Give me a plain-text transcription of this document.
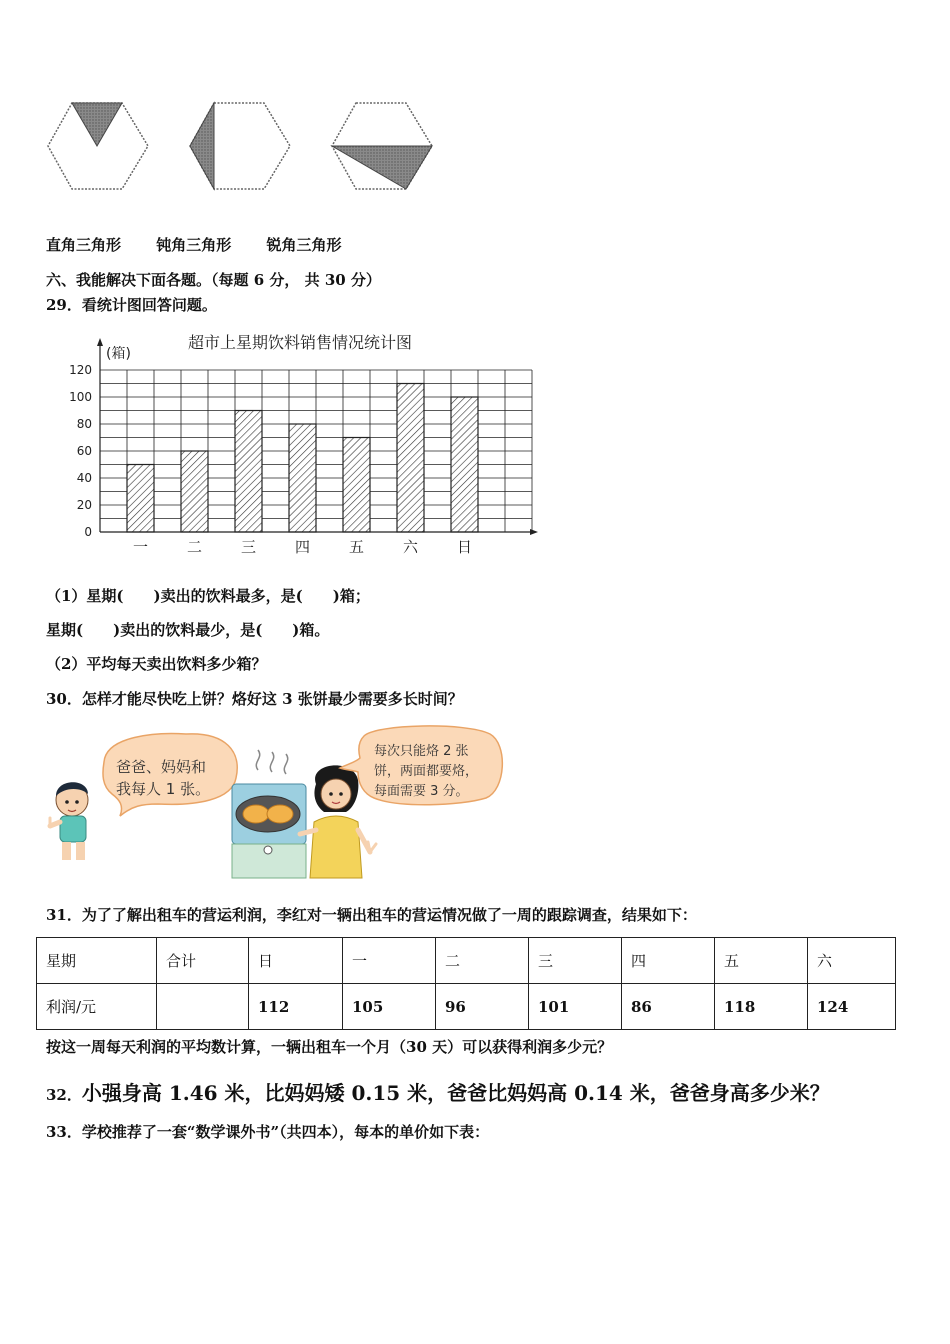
直角三角形 钝角三角形 锐角三角形
六、我能解决下面各题。（每题 6 分， 共 30 分）
29．看统计图回答问题。
超市上星期饮料销售情况统计图
(箱)
0
20
40
60
80
100
120
一	二	三	四	五	六	日
（1）星期(　　)卖出的饮料最多，是(　　)箱；
星期(　　)卖出的饮料最少，是(　　)箱。
（2）平均每天卖出饮料多少箱？
30．怎样才能尽快吃上饼？烙好这 3 张饼最少需要多长时间？
爸爸、妈妈和
我每人 1 张。
每次只能烙 2 张
饼，两面都要烙，
每面需要 3 分。
31．为了了解出租车的营运利润，李红对一辆出租车的营运情况做了一周的跟踪调查，结果如下：
星期	合计	日	一	二	三	四	五	六
利润/元		112	105	96	101	86	118	124
按这一周每天利润的平均数计算，一辆出租车一个月（30 天）可以获得利润多少元？
32．小强身高 1.46 米，比妈妈矮 0.15 米，爸爸比妈妈高 0.14 米，爸爸身高多少米？
33．学校推荐了一套“数学课外书”（共四本），每本的单价如下表：
